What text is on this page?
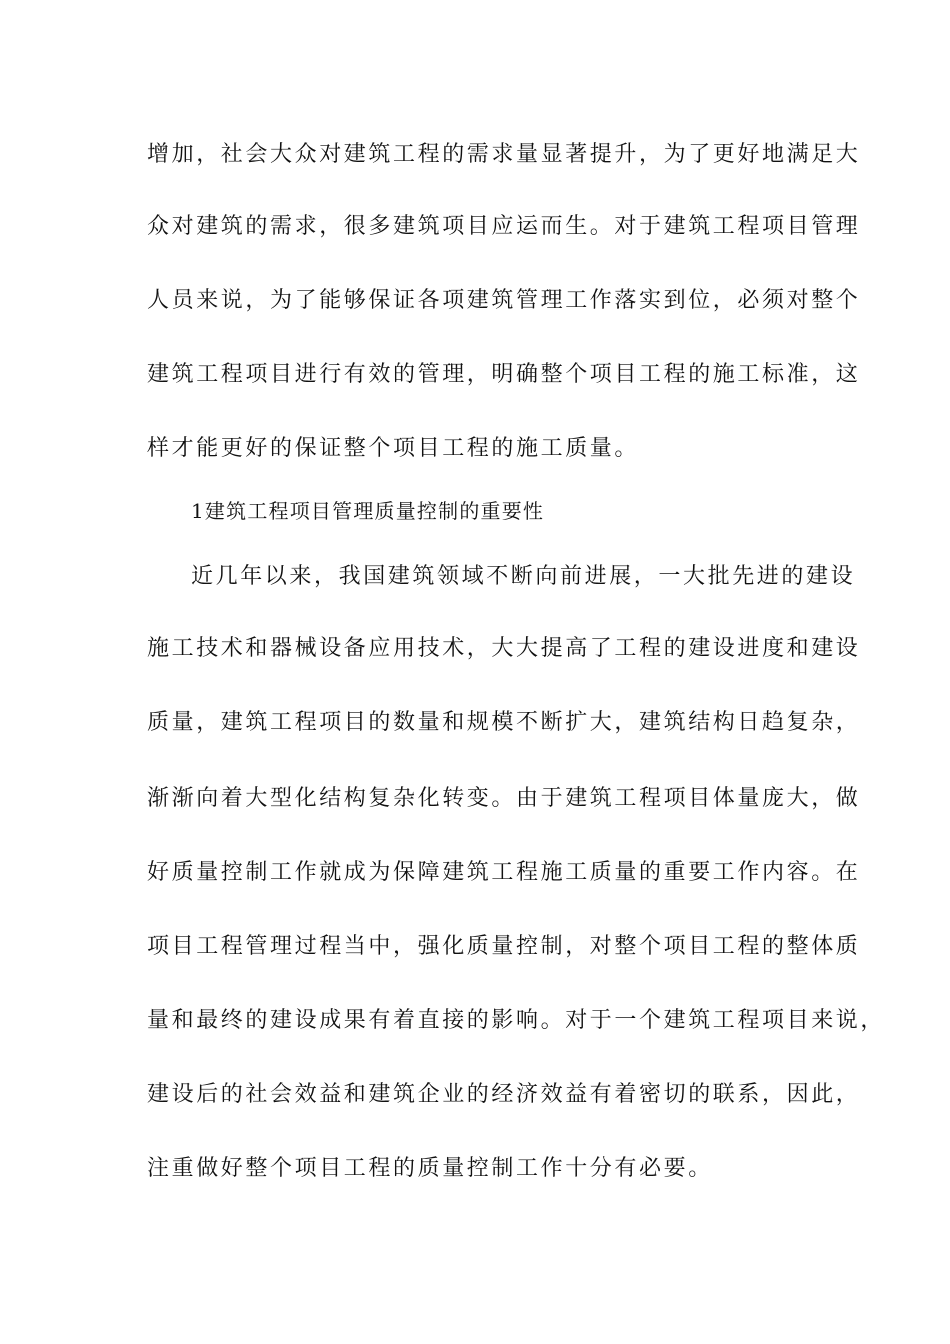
增加，社会大众对建筑工程的需求量显著提升，为了更好地满足大
众对建筑的需求，很多建筑项目应运而生。对于建筑工程项目管理
人员来说，为了能够保证各项建筑管理工作落实到位，必须对整个
建筑工程项目进行有效的管理，明确整个项目工程的施工标准，这
样才能更好的保证整个项目工程的施工质量。
1建筑工程项目管理质量控制的重要性
近几年以来，我国建筑领域不断向前进展，一大批先进的建设
施工技术和器械设备应用技术，大大提高了工程的建设进度和建设
质量，建筑工程项目的数量和规模不断扩大，建筑结构日趋复杂，
渐渐向着大型化结构复杂化转变。由于建筑工程项目体量庞大，做
好质量控制工作就成为保障建筑工程施工质量的重要工作内容。在
项目工程管理过程当中，强化质量控制，对整个项目工程的整体质
量和最终的建设成果有着直接的影响。对于一个建筑工程项目来说，
建设后的社会效益和建筑企业的经济效益有着密切的联系，因此，
注重做好整个项目工程的质量控制工作十分有必要。
